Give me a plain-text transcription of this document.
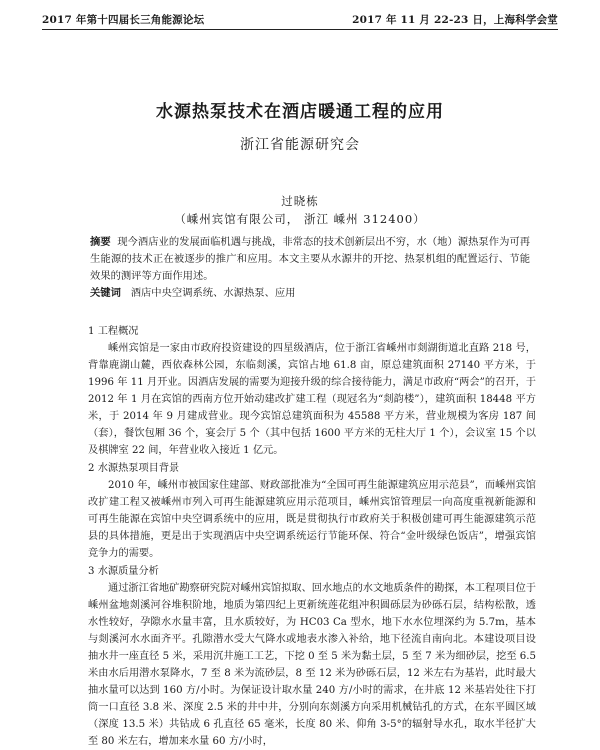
2017 年第十四届长三角能源论坛	2017 年 11 月 22-23 日，上海科学会堂
水源热泵技术在酒店暖通工程的应用
浙江省能源研究会
过晓栋
（嵊州宾馆有限公司， 浙江 嵊州 312400）
摘要 现今酒店业的发展面临机遇与挑战，非常态的技术创新层出不穷，水（地）源热泵作为可再生能源的技术正在被逐步的推广和应用。本文主要从水源井的开挖、热泵机组的配置运行、节能效果的测评等方面作用述。
关键词 酒店中央空调系统、水源热泵、应用

1 工程概况

嵊州宾馆是一家由市政府投资建设的四星级酒店，位于浙江省嵊州市剡湖街道北直路 218 号，背靠鹿湖山麓，西依森林公园，东临剡溪，宾馆占地 61.8 亩，原总建筑面积 27140 平方米，于 1996 年 11 月开业。因酒店发展的需要为迎接升级的综合接待能力，满足市政府“两会”的召开，于 2012 年 1 月在宾馆的西南方位开始动建改扩建工程（现冠名为“剡韵楼”），建筑面积 18448 平方米，于 2014 年 9 月建成营业。现今宾馆总建筑面积为 45588 平方米，营业规模为客房 187 间（套），餐饮包厢 36 个，宴会厅 5 个（其中包括 1600 平方米的无柱大厅 1 个），会议室 15 个以及棋牌室 22 间，年营业收入接近 1 亿元。

2 水源热泵项目背景

2010 年，嵊州市被国家住建部、财政部批准为“全国可再生能源建筑应用示范县”，而嵊州宾馆改扩建工程又被嵊州市列入可再生能源建筑应用示范项目，嵊州宾馆管理层一向高度重视新能源和可再生能源在宾馆中央空调系统中的应用，既是贯彻执行市政府关于积极创建可再生能源建筑示范县的具体措施，更是出于实现酒店中央空调系统运行节能环保、符合“金叶级绿色饭店”，增强宾馆竞争力的需要。

3 水源质量分析

通过浙江省地矿勘察研究院对嵊州宾馆拟取、回水地点的水文地质条件的勘探，本工程项目位于嵊州盆地剡溪河谷堆积阶地，地质为第四纪上更新统莲花组冲积圆砾层为砂砾石层，结构松散，透水性较好，孕隙水水量丰富，且水质较好，为 HC03 Ca 型水，地下水水位埋深约为 5.7m，基本与剡溪河水水面齐平。孔隙潜水受大气降水或地表水渗入补给，地下径流自南向北。本建设项目设抽水井一座直径 5 米，采用沉井施工工艺，下挖 0 至 5 米为黏土层，5 至 7 米为细砂层，挖至 6.5 米由水后用潜水泵降水，7 至 8 米为流砂层，8 至 12 米为砂砾石层，12 米左右为基岩，此时最大抽水量可以达到 160 方/小时。为保证设计取水量 240 方/小时的需求，在井底 12 米基岩处往下打筒一口直径 3.8 米、深度 2.5 米的井中井，分别向东剡溪方向采用机械钻孔的方式，在东平圆区域（深度 13.5 米）共钻成 6 孔直径 65 毫米，长度 80 米、仰角 3-5°的辐射导水孔，取水半径扩大至 80 米左右，增加来水量 60 方/小时，
